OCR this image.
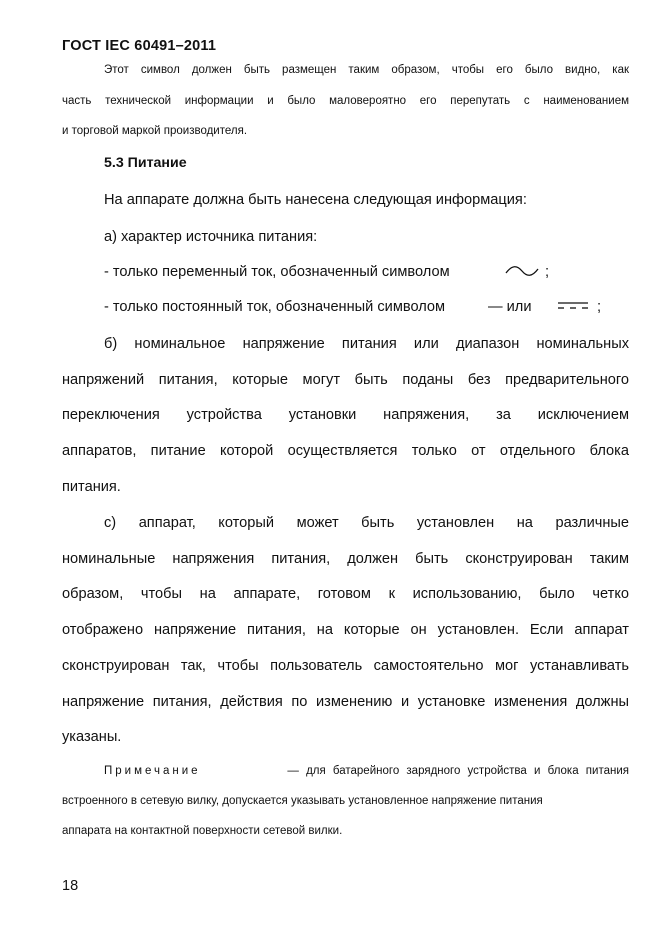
ГОСТ IEC 60491–2011
Этот символ должен быть размещен таким образом, чтобы его было видно, как
часть технической информации и было маловероятно его перепутать с наименованием
и торговой маркой производителя.
5.3 Питание
На аппарате должна быть нанесена следующая информация:
а) характер источника питания:
- только переменный ток, обозначенный символом	;
- только постоянный ток, обозначенный символом	— или	;
б) номинальное напряжение питания или диапазон номинальных
напряжений питания, которые могут быть поданы без предварительного
переключения устройства установки напряжения, за исключением
аппаратов, питание которой осуществляется только от отдельного блока
питания.
с) аппарат, который может быть установлен на различные
номинальные напряжения питания, должен быть сконструирован таким
образом, чтобы на аппарате, готовом к использованию, было четко
отображено напряжение питания, на которые он установлен. Если аппарат
сконструирован так, чтобы пользователь самостоятельно мог устанавливать
напряжение питания, действия по изменению и установке изменения должны
указаны.
Примечание	— для батарейного зарядного устройства и блока питания
встроенного в сетевую вилку, допускается указывать установленное напряжение питания
аппарата на контактной поверхности сетевой вилки.
18
